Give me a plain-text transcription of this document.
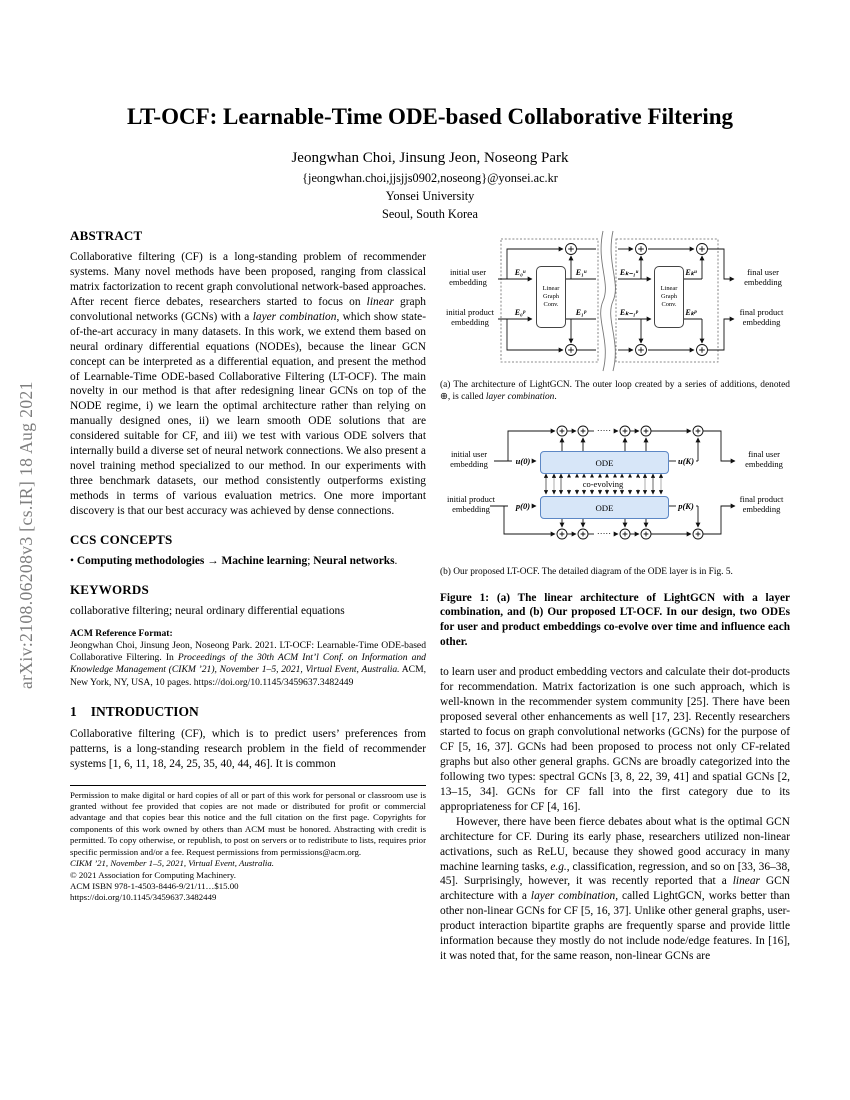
arXiv:2108.06208v3 [cs.IR] 18 Aug 2021
LT-OCF: Learnable-Time ODE-based Collaborative Filtering
Jeongwhan Choi, Jinsung Jeon, Noseong Park
{jeongwhan.choi,jjsjjs0902,noseong}@yonsei.ac.kr
Yonsei University
Seoul, South Korea
ABSTRACT

Collaborative filtering (CF) is a long-standing problem of recommender systems. Many novel methods have been proposed, ranging from classical matrix factorization to recent graph convolutional network-based approaches. After recent fierce debates, researchers started to focus on linear graph convolutional networks (GCNs) with a layer combination, which show state-of-the-art accuracy in many datasets. In this work, we extend them based on neural ordinary differential equations (NODEs), because the linear GCN concept can be interpreted as a differential equation, and present the method of Learnable-Time ODE-based Collaborative Filtering (LT-OCF). The main novelty in our method is that after redesigning linear GCNs on top of the NODE regime, i) we learn the optimal architecture rather than relying on manually designed ones, ii) we learn smooth ODE solutions that are considered suitable for CF, and iii) we test with various ODE solvers that internally build a diverse set of neural network connections. We also present a novel training method specialized to our method. In our experiments with three benchmark datasets, our method consistently outperforms existing methods in terms of various evaluation metrics. One more important discovery is that our best accuracy was achieved by dense connections.

CCS CONCEPTS

• Computing methodologies → Machine learning; Neural networks.

KEYWORDS

collaborative filtering; neural ordinary differential equations

ACM Reference Format:

Jeongwhan Choi, Jinsung Jeon, Noseong Park. 2021. LT-OCF: Learnable-Time ODE-based Collaborative Filtering. In Proceedings of the 30th ACM Int’l Conf. on Information and Knowledge Management (CIKM ’21), November 1–5, 2021, Virtual Event, Australia. ACM, New York, NY, USA, 10 pages. https://doi.org/10.1145/3459637.3482449

1 INTRODUCTION

Collaborative filtering (CF), which is to predict users’ preferences from patterns, is a long-standing research problem in the field of recommender systems [1, 6, 11, 18, 24, 25, 35, 40, 44, 46]. It is common

Permission to make digital or hard copies of all or part of this work for personal or classroom use is granted without fee provided that copies are not made or distributed for profit or commercial advantage and that copies bear this notice and the full citation on the first page. Copyrights for components of this work owned by others than ACM must be honored. Abstracting with credit is permitted. To copy otherwise, or republish, to post on servers or to redistribute to lists, requires prior specific permission and/or a fee. Request permissions from permissions@acm.org.

CIKM ’21, November 1–5, 2021, Virtual Event, Australia.

© 2021 Association for Computing Machinery.

ACM ISBN 978-1-4503-8446-9/21/11…$15.00

https://doi.org/10.1145/3459637.3482449

E₀ᵘ	E₁ᵘ	Eₖ₋₁ᵘ	Eₖᵘ
E₀ᵖ	E₁ᵖ	Eₖ₋₁ᵖ	Eₖᵖ
Linear Graph Conv.
Linear Graph Conv.
initial user embedding
initial product embedding
final user embedding
final product embedding

(a) The architecture of LightGCN. The outer loop created by a series of additions, denoted ⊕, is called layer combination.

co-evolving
·····
·····
u(0)	u(K)
p(0)	p(K)
ODE
ODE
initial user embedding
initial product embedding
final user embedding
final product embedding

(b) Our proposed LT-OCF. The detailed diagram of the ODE layer is in Fig. 5.

Figure 1: (a) The linear architecture of LightGCN with a layer combination, and (b) Our proposed LT-OCF. In our design, two ODEs for user and product embeddings co-evolve over time and influence each other.

to learn user and product embedding vectors and calculate their dot-products for recommendation. Matrix factorization is one such approach, which is well-known in the recommender system community [25]. There have been proposed several other enhancements as well [17, 23]. Recently researchers started to focus on graph convolutional networks (GCNs) for the purpose of CF [5, 16, 37]. GCNs had been proposed to process not only CF-related graphs but also other general graphs. GCNs are broadly categorized into the following two types: spectral GCNs [3, 8, 22, 39, 41] and spatial GCNs [2, 13–15, 34]. GCNs for CF fall into the first category due to its appropriateness for CF [4, 16].

However, there have been fierce debates about what is the optimal GCN architecture for CF. During its early phase, researchers utilized non-linear activations, such as ReLU, because they showed good accuracy in many machine learning tasks, e.g., classification, regression, and so on [33, 36–38, 45]. Surprisingly, however, it was recently reported that a linear GCN architecture with a layer combination, called LightGCN, works better than other non-linear GCNs for CF [5, 16, 37]. Unlike other general graphs, user-product interaction bipartite graphs are frequently sparse and provide little information because they mostly do not include node/edge features. In [16], it was noted that, for the same reason, non-linear GCNs are
